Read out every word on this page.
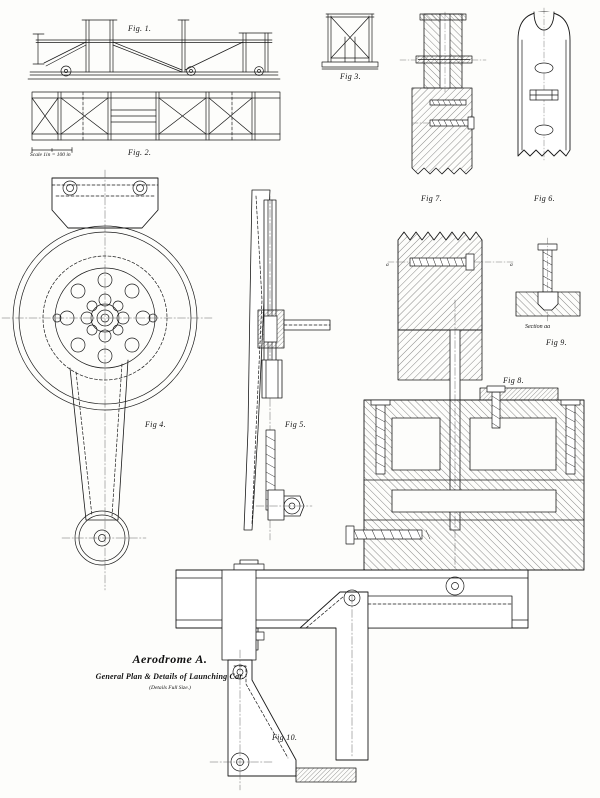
Fig. 1.
Fig. 2.
Fig 3.
Fig 4.	Fig 5.
Fig 6.
Fig 7.
Fig 8.
Fig 9.
Fig 10.
Section aa
a	a
Scale 1in = 100 in
Aerodrome A.
General Plan & Details of Launching Car.
(Details Full Size.)
